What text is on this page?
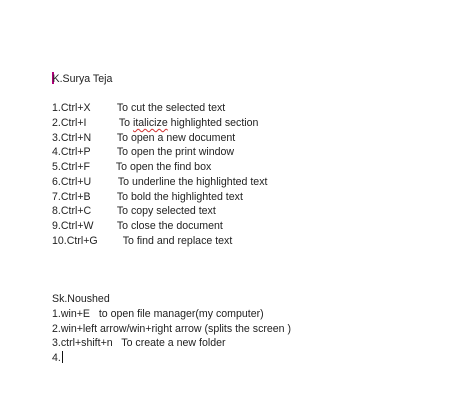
K.Surya Teja
1.Ctrl+X To cut the selected text
2.Ctrl+I	To italicize highlighted section
3.Ctrl+N To open a new document
4.Ctrl+P To open the print window
5.Ctrl+F To open the find box
6.Ctrl+U	To underline the highlighted text
7.Ctrl+B To bold the highlighted text
8.Ctrl+C To copy selected text
9.Ctrl+W To close the document
10.Ctrl+G To find and replace text
Sk.Noushed
1.win+E   to open file manager(my computer)
2.win+left arrow/win+right arrow (splits the screen )
3.ctrl+shift+n   To create a new folder
4.
